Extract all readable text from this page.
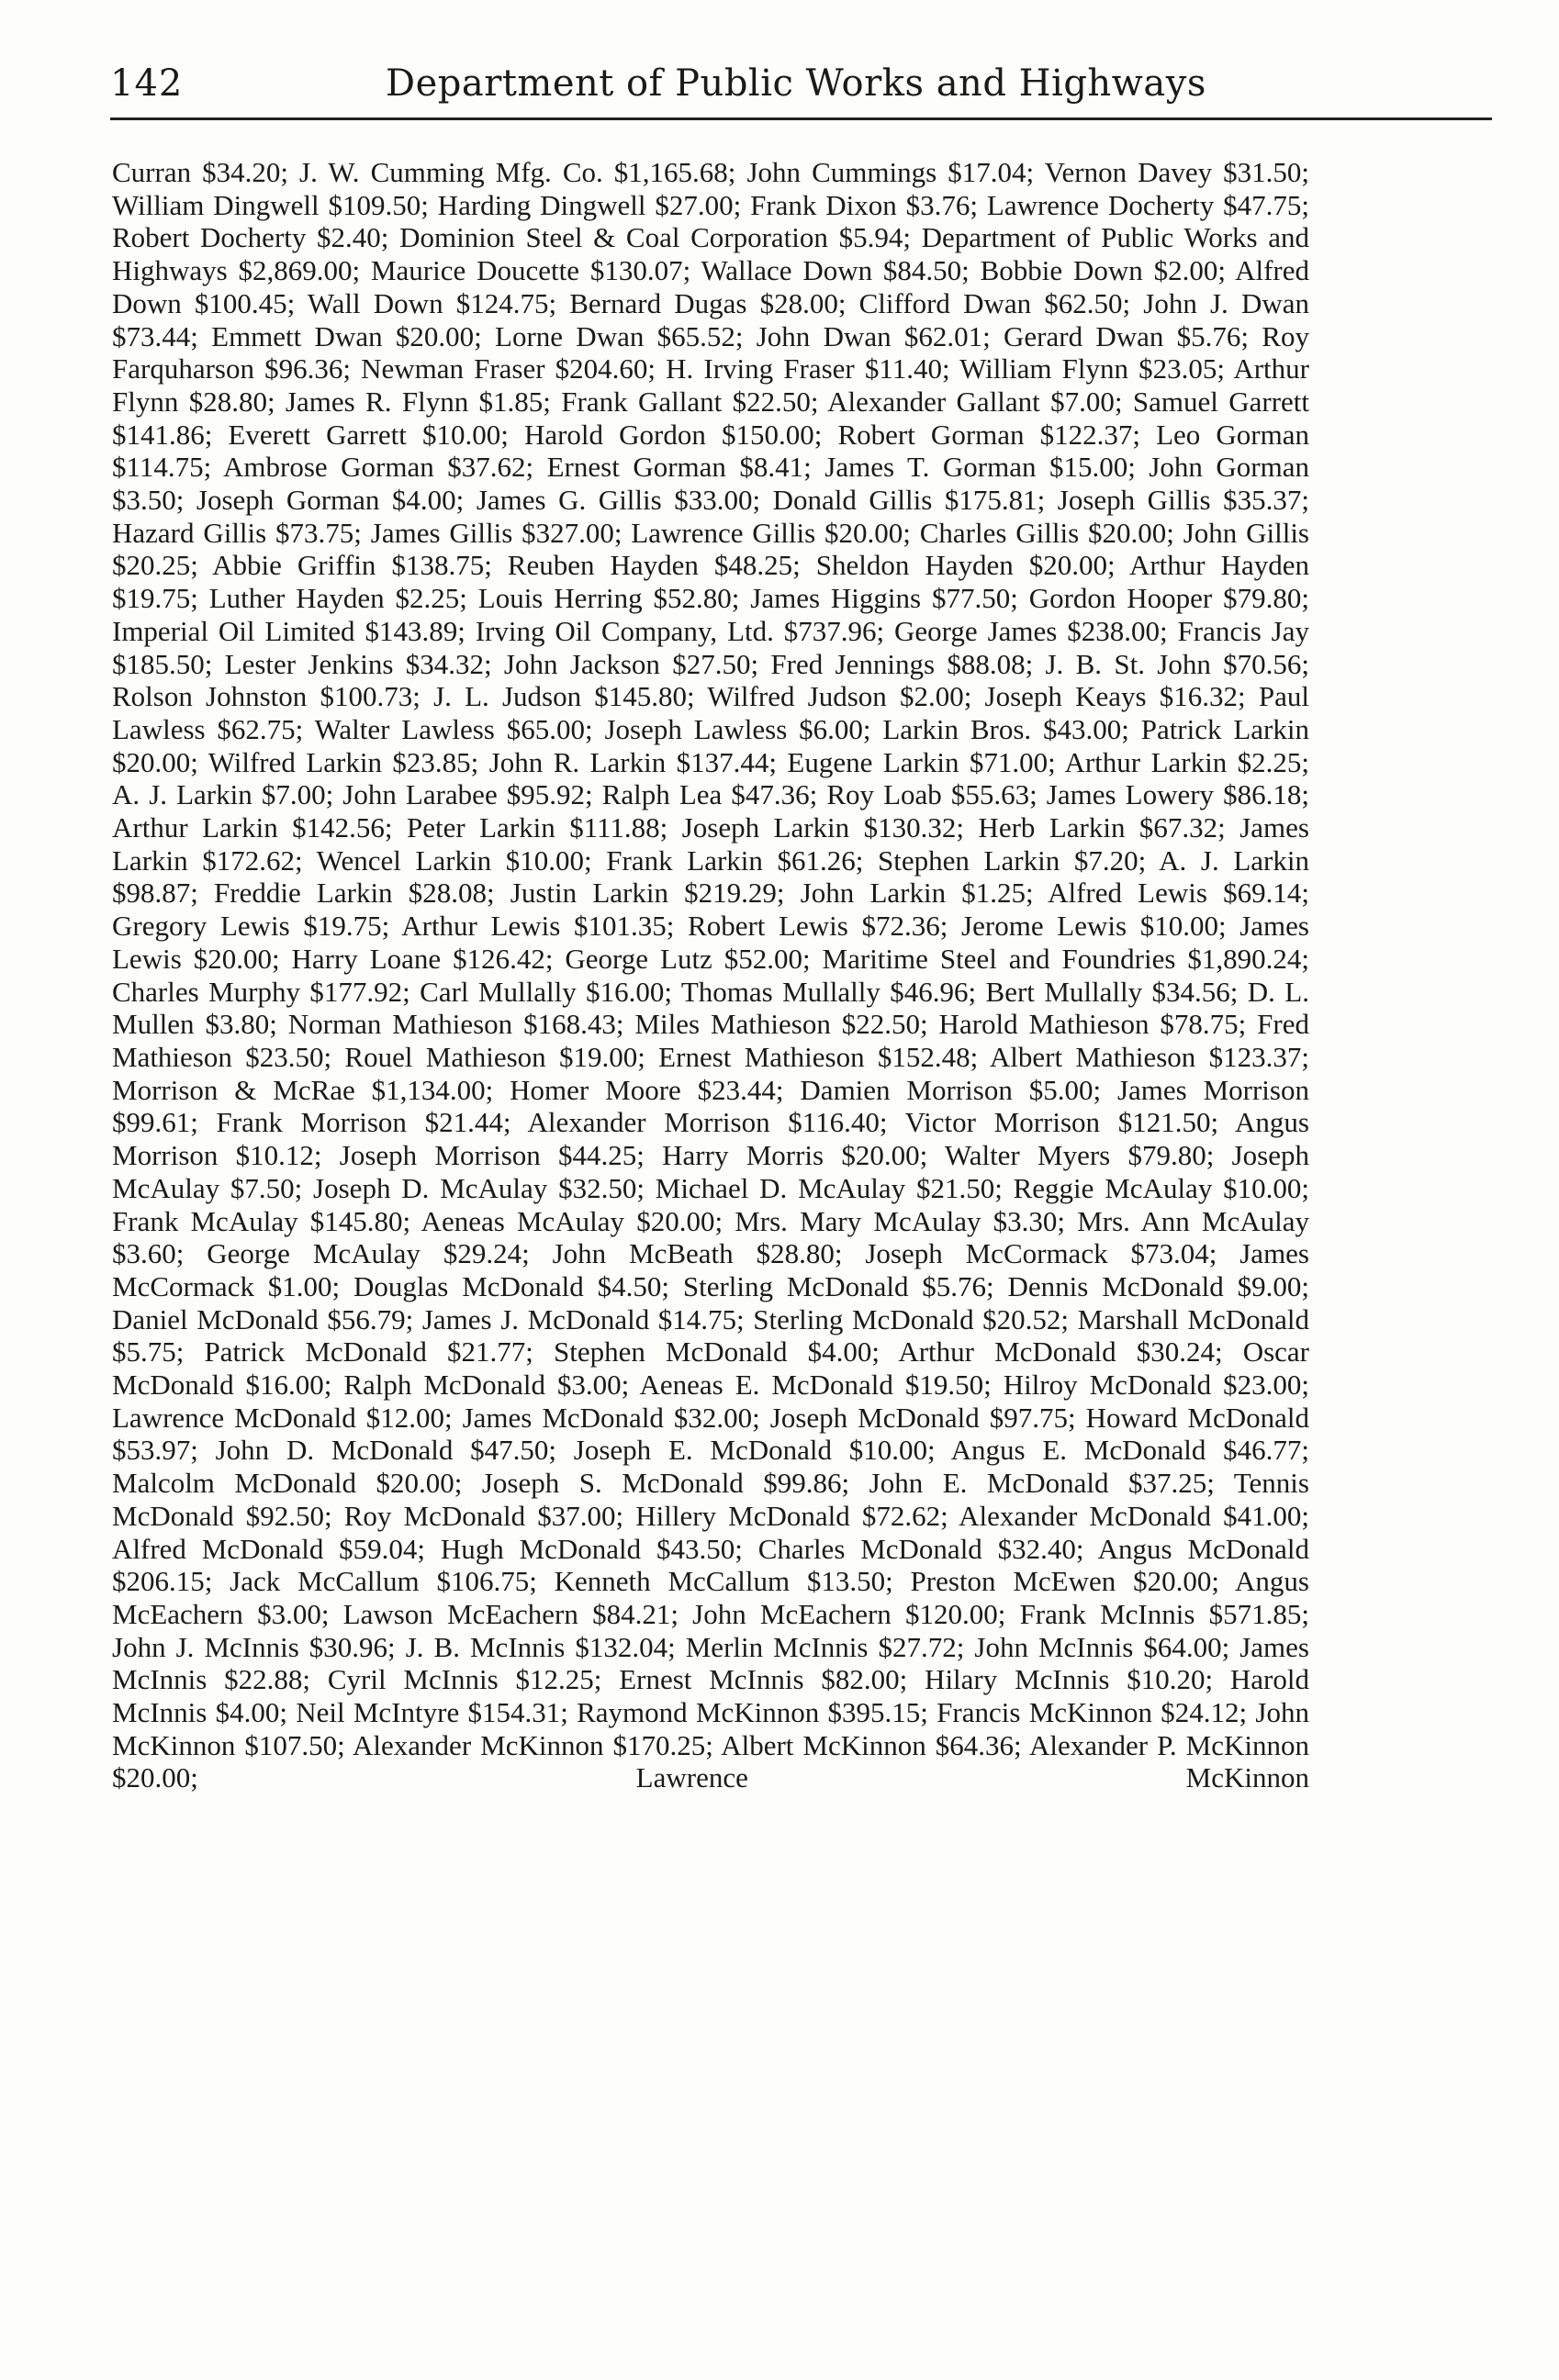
142	Department of Public Works and Highways

Curran $34.20; J. W. Cumming Mfg. Co. $1,165.68; John Cummings $17.04; Vernon Davey $31.50; William Dingwell $109.50; Harding Dingwell $27.00; Frank Dixon $3.76; Lawrence Docherty $47.75; Robert Docherty $2.40; Dominion Steel & Coal Corporation $5.94; Department of Public Works and Highways $2,869.00; Maurice Doucette $130.07; Wallace Down $84.50; Bobbie Down $2.00; Alfred Down $100.45; Wall Down $124.75; Bernard Dugas $28.00; Clifford Dwan $62.50; John J. Dwan $73.44; Emmett Dwan $20.00; Lorne Dwan $65.52; John Dwan $62.01; Gerard Dwan $5.76; Roy Farquharson $96.36; Newman Fraser $204.60; H. Irving Fraser $11.40; William Flynn $23.05; Arthur Flynn $28.80; James R. Flynn $1.85; Frank Gallant $22.50; Alexander Gallant $7.00; Samuel Garrett $141.86; Everett Garrett $10.00; Harold Gordon $150.00; Robert Gorman $122.37; Leo Gorman $114.75; Ambrose Gorman $37.62; Ernest Gorman $8.41; James T. Gorman $15.00; John Gorman $3.50; Joseph Gorman $4.00; James G. Gillis $33.00; Donald Gillis $175.81; Joseph Gillis $35.37; Hazard Gillis $73.75; James Gillis $327.00; Lawrence Gillis $20.00; Charles Gillis $20.00; John Gillis $20.25; Abbie Griffin $138.75; Reuben Hayden $48.25; Sheldon Hayden $20.00; Arthur Hayden $19.75; Luther Hayden $2.25; Louis Herring $52.80; James Higgins $77.50; Gordon Hooper $79.80; Imperial Oil Limited $143.89; Irving Oil Company, Ltd. $737.96; George James $238.00; Francis Jay $185.50; Lester Jenkins $34.32; John Jackson $27.50; Fred Jennings $88.08; J. B. St. John $70.56; Rolson Johnston $100.73; J. L. Judson $145.80; Wilfred Judson $2.00; Joseph Keays $16.32; Paul Lawless $62.75; Walter Lawless $65.00; Joseph Lawless $6.00; Larkin Bros. $43.00; Patrick Larkin $20.00; Wilfred Larkin $23.85; John R. Larkin $137.44; Eugene Larkin $71.00; Arthur Larkin $2.25; A. J. Larkin $7.00; John Larabee $95.92; Ralph Lea $47.36; Roy Loab $55.63; James Lowery $86.18; Arthur Larkin $142.56; Peter Larkin $111.88; Joseph Larkin $130.32; Herb Larkin $67.32; James Larkin $172.62; Wencel Larkin $10.00; Frank Larkin $61.26; Stephen Larkin $7.20; A. J. Larkin $98.87; Freddie Larkin $28.08; Justin Larkin $219.29; John Larkin $1.25; Alfred Lewis $69.14; Gregory Lewis $19.75; Arthur Lewis $101.35; Robert Lewis $72.36; Jerome Lewis $10.00; James Lewis $20.00; Harry Loane $126.42; George Lutz $52.00; Maritime Steel and Foundries $1,890.24; Charles Murphy $177.92; Carl Mullally $16.00; Thomas Mullally $46.96; Bert Mullally $34.56; D. L. Mullen $3.80; Norman Mathieson $168.43; Miles Mathieson $22.50; Harold Mathieson $78.75; Fred Mathieson $23.50; Rouel Mathieson $19.00; Ernest Mathieson $152.48; Albert Mathieson $123.37; Morrison & McRae $1,134.00; Homer Moore $23.44; Damien Morrison $5.00; James Morrison $99.61; Frank Morrison $21.44; Alexander Morrison $116.40; Victor Morrison $121.50; Angus Morrison $10.12; Joseph Morrison $44.25; Harry Morris $20.00; Walter Myers $79.80; Joseph McAulay $7.50; Joseph D. McAulay $32.50; Michael D. McAulay $21.50; Reggie McAulay $10.00; Frank McAulay $145.80; Aeneas McAulay $20.00; Mrs. Mary McAulay $3.30; Mrs. Ann McAulay $3.60; George McAulay $29.24; John McBeath $28.80; Joseph McCormack $73.04; James McCormack $1.00; Douglas McDonald $4.50; Sterling McDonald $5.76; Dennis McDonald $9.00; Daniel McDonald $56.79; James J. McDonald $14.75; Sterling McDonald $20.52; Marshall McDonald $5.75; Patrick McDonald $21.77; Stephen McDonald $4.00; Arthur McDonald $30.24; Oscar McDonald $16.00; Ralph McDonald $3.00; Aeneas E. McDonald $19.50; Hilroy McDonald $23.00; Lawrence McDonald $12.00; James McDonald $32.00; Joseph McDonald $97.75; Howard McDonald $53.97; John D. McDonald $47.50; Joseph E. McDonald $10.00; Angus E. McDonald $46.77; Malcolm McDonald $20.00; Joseph S. McDonald $99.86; John E. McDonald $37.25; Tennis McDonald $92.50; Roy McDonald $37.00; Hillery McDonald $72.62; Alexander McDonald $41.00; Alfred McDonald $59.04; Hugh McDonald $43.50; Charles McDonald $32.40; Angus McDonald $206.15; Jack McCallum $106.75; Kenneth McCallum $13.50; Preston McEwen $20.00; Angus McEachern $3.00; Lawson McEachern $84.21; John McEachern $120.00; Frank McInnis $571.85; John J. McInnis $30.96; J. B. McInnis $132.04; Merlin McInnis $27.72; John McInnis $64.00; James McInnis $22.88; Cyril McInnis $12.25; Ernest McInnis $82.00; Hilary McInnis $10.20; Harold McInnis $4.00; Neil McIntyre $154.31; Raymond McKinnon $395.15; Francis McKinnon $24.12; John McKinnon $107.50; Alexander McKinnon $170.25; Albert McKinnon $64.36; Alexander P. McKinnon $20.00; Lawrence McKinnon
